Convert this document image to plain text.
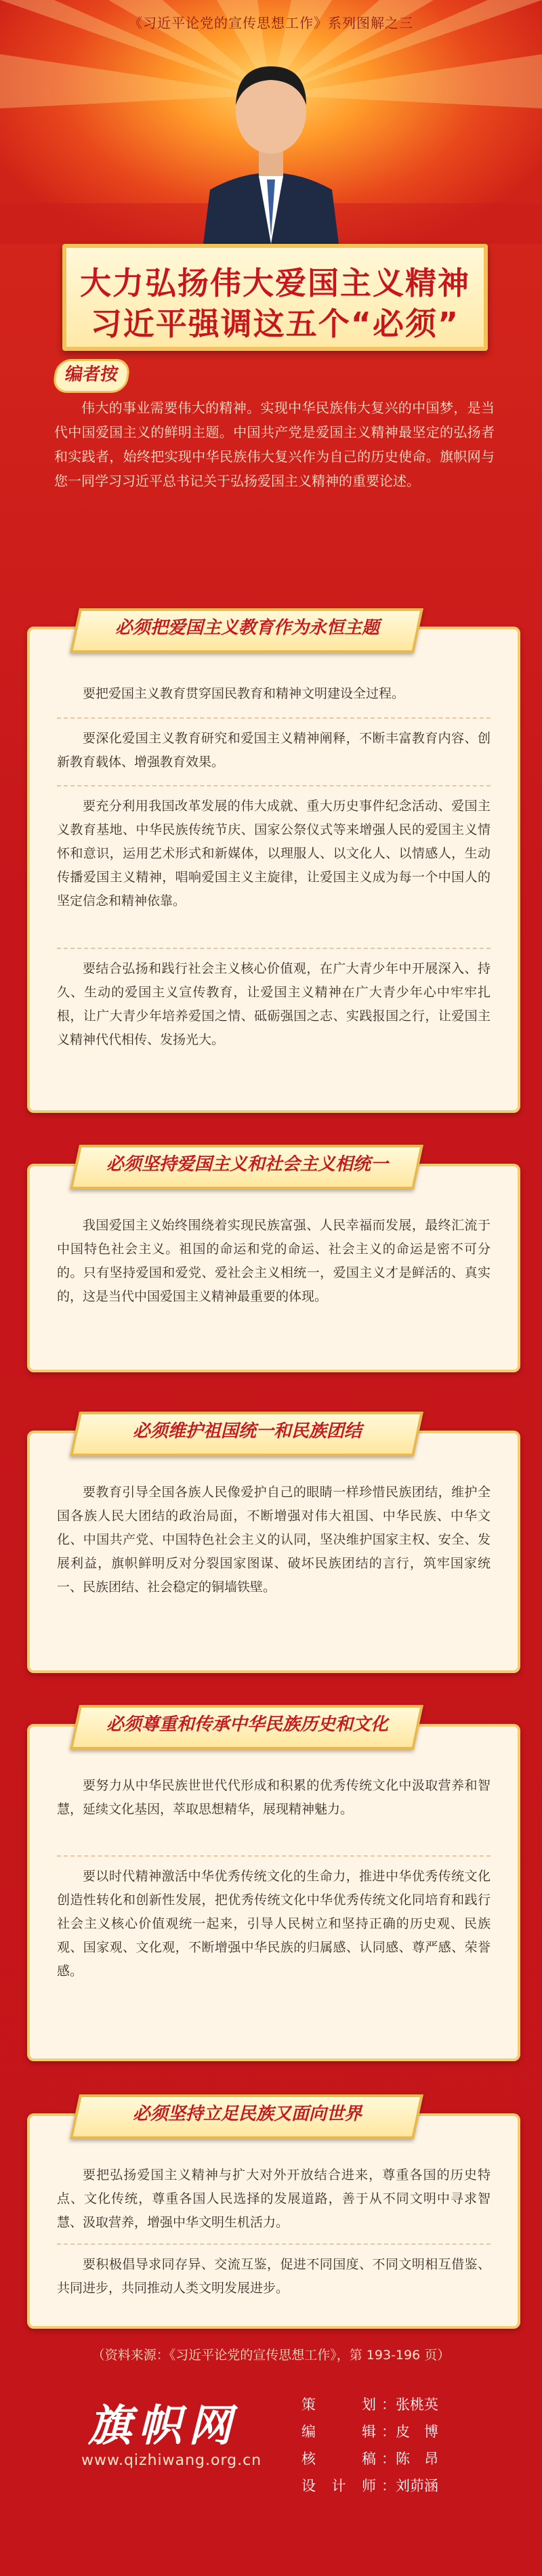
《习近平论党的宣传思想工作》系列图解之三
大力弘扬伟大爱国主义精神
习近平强调这五个“必须”
编者按
伟大的事业需要伟大的精神。实现中华民族伟大复兴的中国梦，是当代中国爱国主义的鲜明主题。中国共产党是爱国主义精神最坚定的弘扬者和实践者，始终把实现中华民族伟大复兴作为自己的历史使命。旗帜网与您一同学习习近平总书记关于弘扬爱国主义精神的重要论述。
要把爱国主义教育贯穿国民教育和精神文明建设全过程。
要深化爱国主义教育研究和爱国主义精神阐释，不断丰富教育内容、创新教育载体、增强教育效果。
要充分利用我国改革发展的伟大成就、重大历史事件纪念活动、爱国主义教育基地、中华民族传统节庆、国家公祭仪式等来增强人民的爱国主义情怀和意识，运用艺术形式和新媒体，以理服人、以文化人、以情感人，生动传播爱国主义精神，唱响爱国主义主旋律，让爱国主义成为每一个中国人的坚定信念和精神依靠。
要结合弘扬和践行社会主义核心价值观，在广大青少年中开展深入、持久、生动的爱国主义宣传教育，让爱国主义精神在广大青少年心中牢牢扎根，让广大青少年培养爱国之情、砥砺强国之志、实践报国之行，让爱国主义精神代代相传、发扬光大。
必须把爱国主义教育作为永恒主题
我国爱国主义始终围绕着实现民族富强、人民幸福而发展，最终汇流于中国特色社会主义。祖国的命运和党的命运、社会主义的命运是密不可分的。只有坚持爱国和爱党、爱社会主义相统一，爱国主义才是鲜活的、真实的，这是当代中国爱国主义精神最重要的体现。
必须坚持爱国主义和社会主义相统一
要教育引导全国各族人民像爱护自己的眼睛一样珍惜民族团结，维护全国各族人民大团结的政治局面，不断增强对伟大祖国、中华民族、中华文化、中国共产党、中国特色社会主义的认同，坚决维护国家主权、安全、发展利益，旗帜鲜明反对分裂国家图谋、破坏民族团结的言行，筑牢国家统一、民族团结、社会稳定的铜墙铁壁。
必须维护祖国统一和民族团结
要努力从中华民族世世代代形成和积累的优秀传统文化中汲取营养和智慧，延续文化基因，萃取思想精华，展现精神魅力。
要以时代精神激活中华优秀传统文化的生命力，推进中华优秀传统文化创造性转化和创新性发展，把优秀传统文化中华优秀传统文化同培育和践行社会主义核心价值观统一起来，引导人民树立和坚持正确的历史观、民族观、国家观、文化观，不断增强中华民族的归属感、认同感、尊严感、荣誉感。
必须尊重和传承中华民族历史和文化
要把弘扬爱国主义精神与扩大对外开放结合进来，尊重各国的历史特点、文化传统，尊重各国人民选择的发展道路，善于从不同文明中寻求智慧、汲取营养，增强中华文明生机活力。
要积极倡导求同存异、交流互鉴，促进不同国度、不同文明相互借鉴、共同进步，共同推动人类文明发展进步。
必须坚持立足民族又面向世界
（资料来源：《习近平论党的宣传思想工作》，第 193-196 页）
旗帜网
www.qizhiwang.org.cn
策　划 ： 张桃英
编　辑 ： 皮　博
核　稿 ： 陈　昂
设计师 ： 刘茆涵
